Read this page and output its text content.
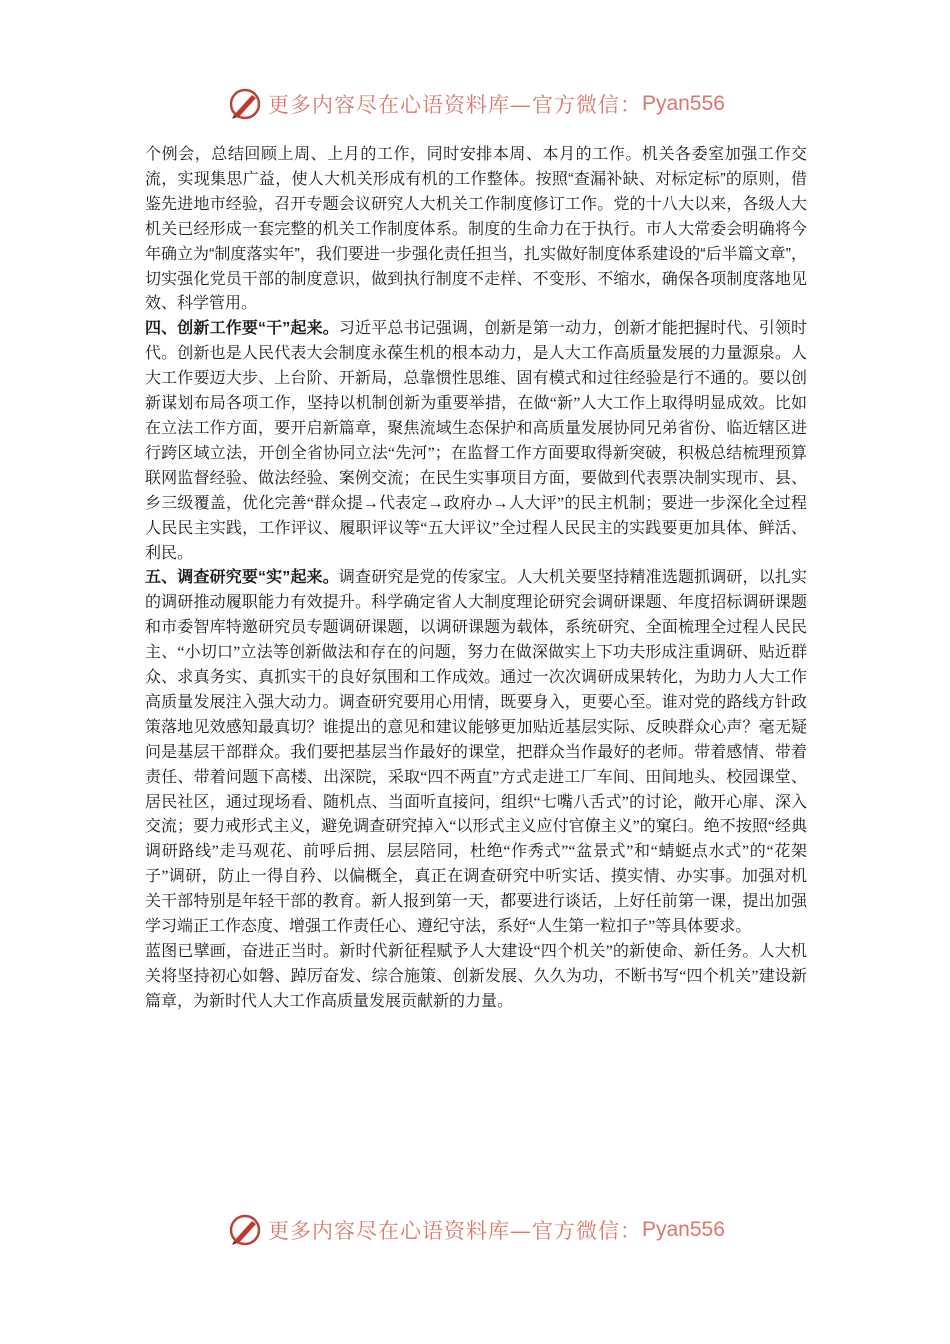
更多内容尽在心语资料库—官方微信： Pyan556

个例会，总结回顾上周、上月的工作，同时安排本周、本月的工作。机关各委室加强工作交流，实现集思广益，使人大机关形成有机的工作整体。按照“查漏补缺、对标定标”的原则，借鉴先进地市经验，召开专题会议研究人大机关工作制度修订工作。党的十八大以来，各级人大机关已经形成一套完整的机关工作制度体系。制度的生命力在于执行。市人大常委会明确将今年确立为“制度落实年”，我们要进一步强化责任担当，扎实做好制度体系建设的“后半篇文章”，切实强化党员干部的制度意识，做到执行制度不走样、不变形、不缩水，确保各项制度落地见效、科学管用。

四、创新工作要“干”起来。习近平总书记强调，创新是第一动力，创新才能把握时代、引领时代。创新也是人民代表大会制度永葆生机的根本动力，是人大工作高质量发展的力量源泉。人大工作要迈大步、上台阶、开新局，总靠惯性思维、固有模式和过往经验是行不通的。要以创新谋划布局各项工作，坚持以机制创新为重要举措，在做“新”人大工作上取得明显成效。比如在立法工作方面，要开启新篇章，聚焦流域生态保护和高质量发展协同兄弟省份、临近辖区进行跨区域立法，开创全省协同立法“先河”；在监督工作方面要取得新突破，积极总结梳理预算联网监督经验、做法经验、案例交流；在民生实事项目方面，要做到代表票决制实现市、县、乡三级覆盖，优化完善“群众提→代表定→政府办→人大评”的民主机制；要进一步深化全过程人民民主实践，工作评议、履职评议等“五大评议”全过程人民民主的实践要更加具体、鲜活、利民。

五、调查研究要“实”起来。调查研究是党的传家宝。人大机关要坚持精准选题抓调研，以扎实的调研推动履职能力有效提升。科学确定省人大制度理论研究会调研课题、年度招标调研课题和市委智库特邀研究员专题调研课题，以调研课题为载体，系统研究、全面梳理全过程人民民主、“小切口”立法等创新做法和存在的问题，努力在做深做实上下功夫形成注重调研、贴近群众、求真务实、真抓实干的良好氛围和工作成效。通过一次次调研成果转化，为助力人大工作高质量发展注入强大动力。调查研究要用心用情，既要身入，更要心至。谁对党的路线方针政策落地见效感知最真切？谁提出的意见和建议能够更加贴近基层实际、反映群众心声？毫无疑问是基层干部群众。我们要把基层当作最好的课堂，把群众当作最好的老师。带着感情、带着责任、带着问题下高楼、出深院，采取“四不两直”方式走进工厂车间、田间地头、校园课堂、居民社区，通过现场看、随机点、当面听直接问，组织“七嘴八舌式”的讨论，敞开心扉、深入交流；要力戒形式主义，避免调查研究掉入“以形式主义应付官僚主义”的窠臼。绝不按照“经典调研路线”走马观花、前呼后拥、层层陪同，杜绝“作秀式”“盆景式”和“蜻蜓点水式”的“花架子”调研，防止一得自矜、以偏概全，真正在调查研究中听实话、摸实情、办实事。加强对机关干部特别是年轻干部的教育。新人报到第一天，都要进行谈话，上好任前第一课，提出加强学习端正工作态度、增强工作责任心、遵纪守法，系好“人生第一粒扣子”等具体要求。

蓝图已擘画，奋进正当时。新时代新征程赋予人大建设“四个机关”的新使命、新任务。人大机关将坚持初心如磐、踔厉奋发、综合施策、创新发展、久久为功，不断书写“四个机关”建设新篇章，为新时代人大工作高质量发展贡献新的力量。

更多内容尽在心语资料库—官方微信： Pyan556
